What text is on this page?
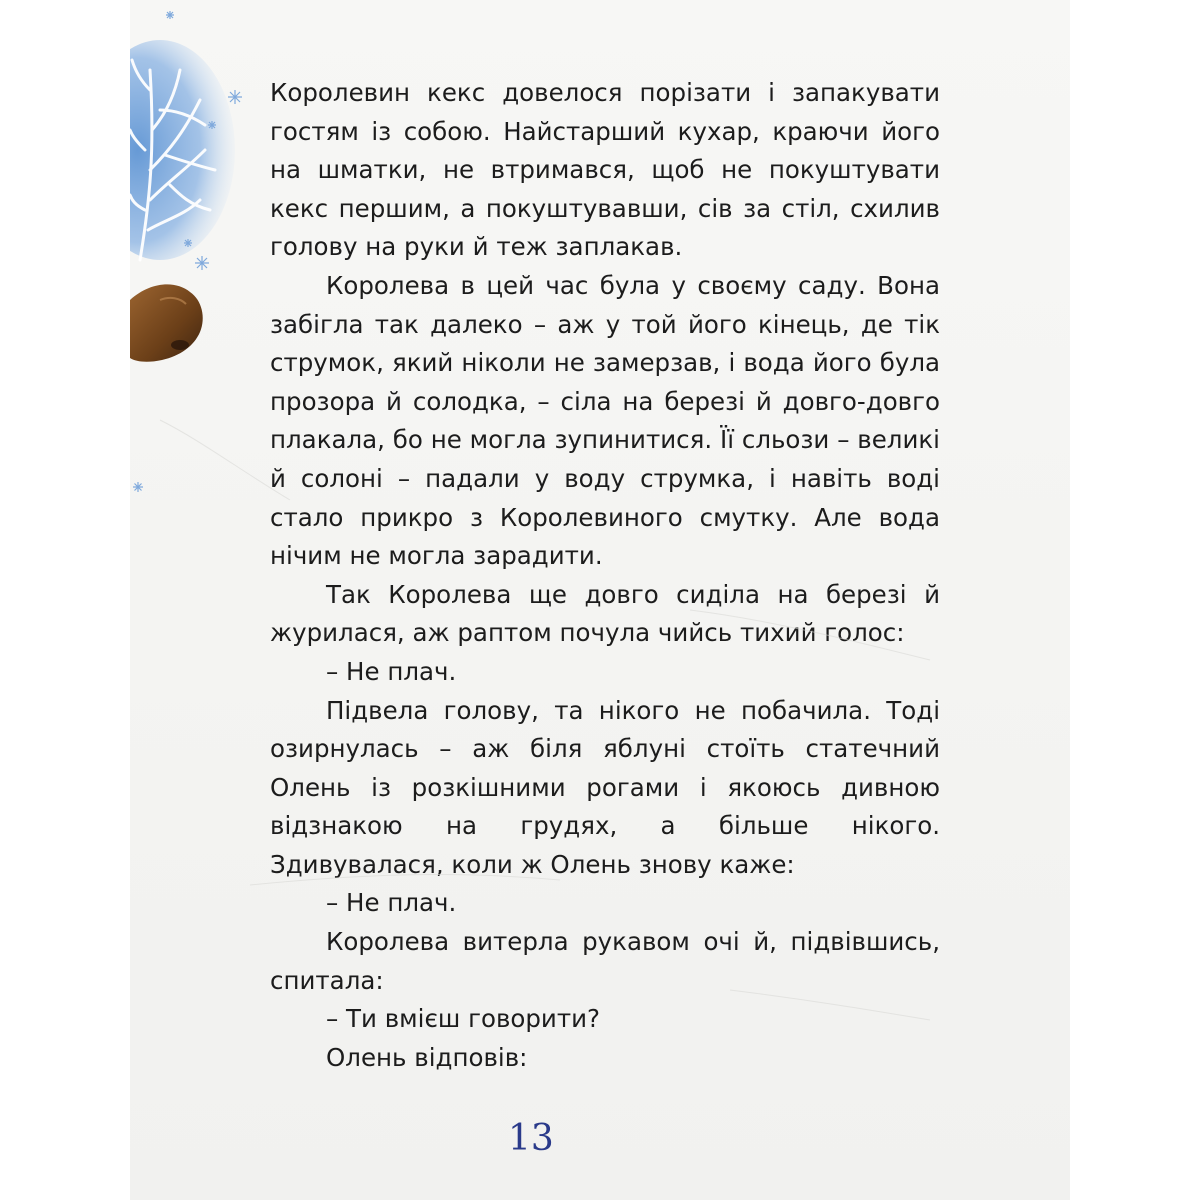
Королевин кекс довелося порізати і запакувати гостям із собою. Найстарший кухар, краючи його на шматки, не втримався, щоб не покуштувати кекс першим, а покуштувавши, сів за стіл, схилив голову на руки й теж заплакав.

Королева в цей час була у своєму саду. Вона забігла так далеко – аж у той його кінець, де тік струмок, який ніколи не замерзав, і вода його була прозора й солодка, – сіла на березі й довго-довго плакала, бо не могла зупинитися. Її сльози – великі й солоні – падали у воду струмка, і навіть воді стало прикро з Королевиного смутку. Але вода нічим не могла зарадити.

Так Королева ще довго сиділа на березі й журилася, аж раптом почула чийсь тихий голос:

– Не плач.

Підвела голову, та нікого не побачила. Тоді озирнулась – аж біля яблуні стоїть статечний Олень із розкішними рогами і якоюсь дивною відзнакою на грудях, а більше нікого. Здивувалася, коли ж Олень знову каже:

– Не плач.

Королева витерла рукавом очі й, підвівшись, спитала:

– Ти вмієш говорити?

Олень відповів:

13
